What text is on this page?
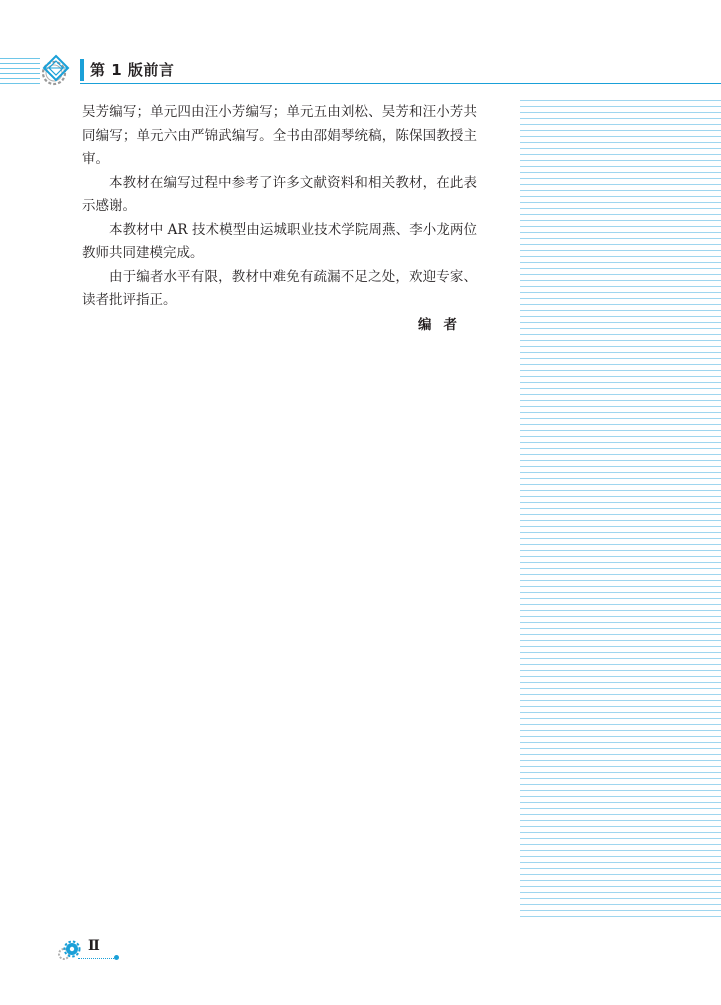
第 1 版前言

吴芳编写；单元四由汪小芳编写；单元五由刘松、吴芳和汪小芳共同编写；单元六由严锦武编写。全书由邵娟琴统稿，陈保国教授主审。

本教材在编写过程中参考了许多文献资料和相关教材，在此表示感谢。

本教材中 AR 技术模型由运城职业技术学院周燕、李小龙两位教师共同建模完成。

由于编者水平有限，教材中难免有疏漏不足之处，欢迎专家、读者批评指正。

编者
Ⅱ
